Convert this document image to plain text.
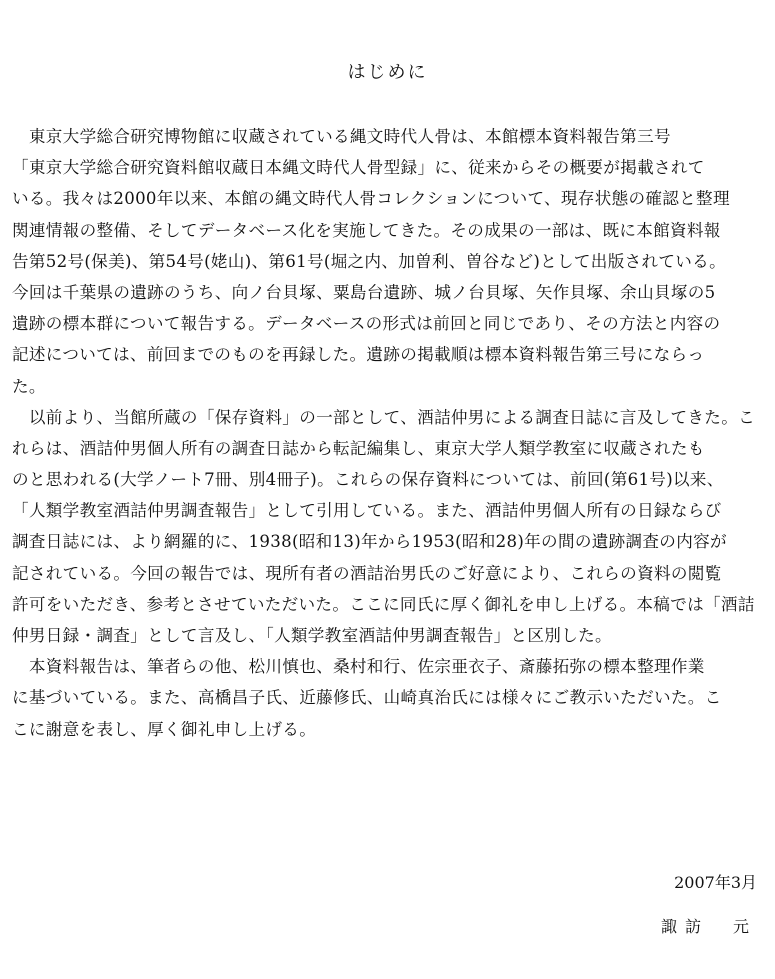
はじめに
　東京大学総合研究博物館に収蔵されている縄文時代人骨は、本館標本資料報告第三号
「東京大学総合研究資料館収蔵日本縄文時代人骨型録」に、従来からその概要が掲載されて
いる。我々は2000年以来、本館の縄文時代人骨コレクションについて、現存状態の確認と整理
関連情報の整備、そしてデータベース化を実施してきた。その成果の一部は、既に本館資料報
告第52号(保美)、第54号(姥山)、第61号(堀之内、加曽利、曽谷など)として出版されている。
今回は千葉県の遺跡のうち、向ノ台貝塚、粟島台遺跡、城ノ台貝塚、矢作貝塚、余山貝塚の5
遺跡の標本群について報告する。データベースの形式は前回と同じであり、その方法と内容の
記述については、前回までのものを再録した。遺跡の掲載順は標本資料報告第三号にならっ
た。
　以前より、当館所蔵の「保存資料」の一部として、酒詰仲男による調査日誌に言及してきた。こ
れらは、酒詰仲男個人所有の調査日誌から転記編集し、東京大学人類学教室に収蔵されたも
のと思われる(大学ノート7冊、別4冊子)。これらの保存資料については、前回(第61号)以来、
「人類学教室酒詰仲男調査報告」として引用している。また、酒詰仲男個人所有の日録ならび
調査日誌には、より網羅的に、1938(昭和13)年から1953(昭和28)年の間の遺跡調査の内容が
記されている。今回の報告では、現所有者の酒詰治男氏のご好意により、これらの資料の閲覧
許可をいただき、参考とさせていただいた。ここに同氏に厚く御礼を申し上げる。本稿では「酒詰
仲男日録・調査」として言及し、「人類学教室酒詰仲男調査報告」と区別した。
　本資料報告は、筆者らの他、松川慎也、桑村和行、佐宗亜衣子、斎藤拓弥の標本整理作業
に基づいている。また、高橋昌子氏、近藤修氏、山崎真治氏には様々にご教示いただいた。こ
こに謝意を表し、厚く御礼申し上げる。
2007年3月
諏訪　元
